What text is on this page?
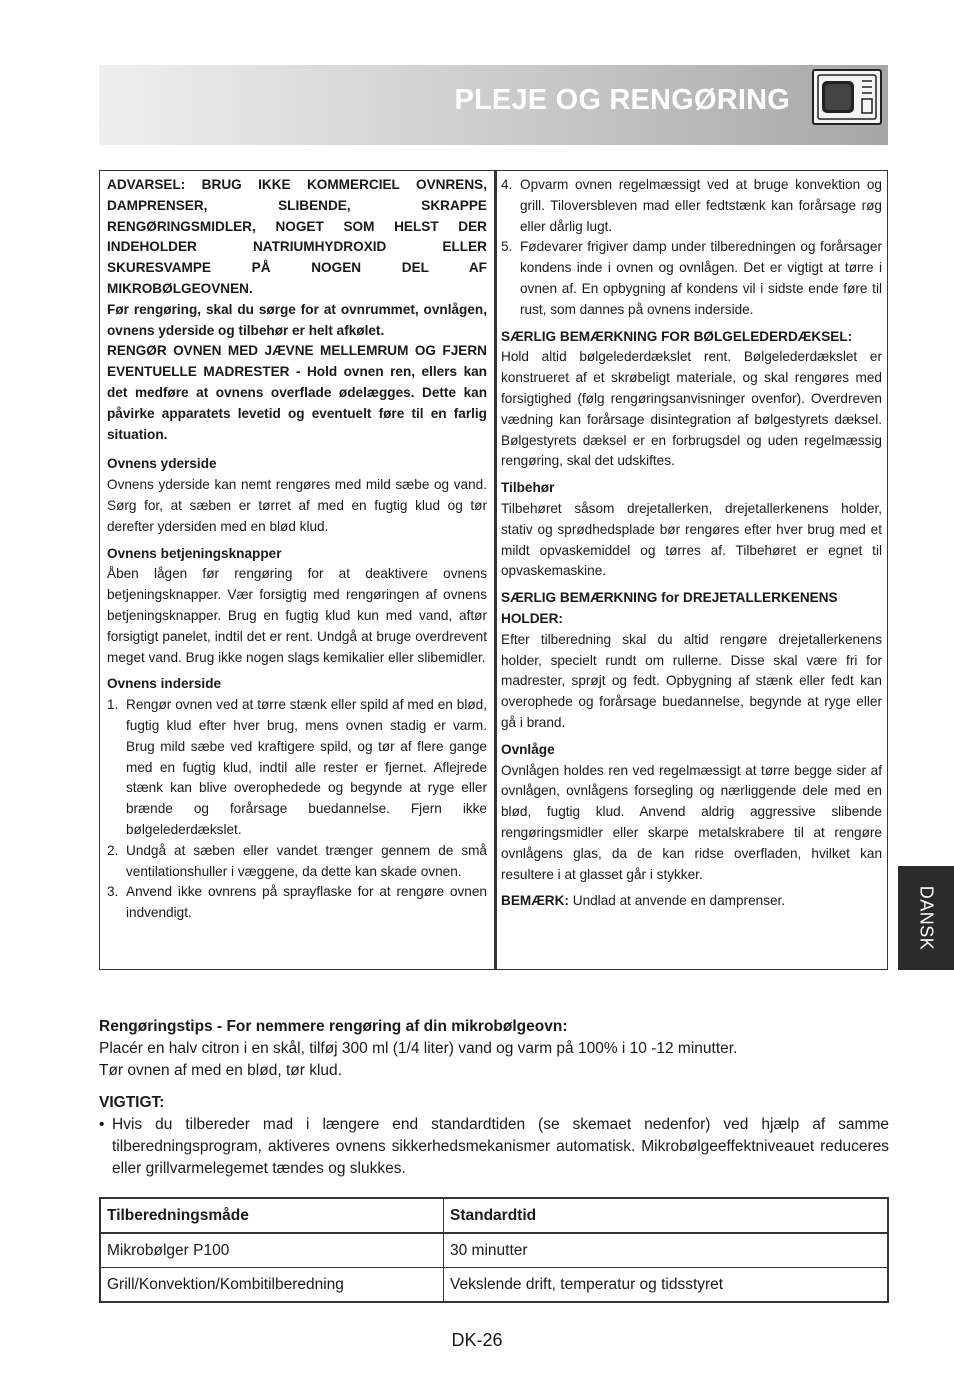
PLEJE OG RENGØRING

ADVARSEL: BRUG IKKE KOMMERCIEL OVNRENS, DAMPRENSER, SLIBENDE, SKRAPPE RENGØRINGSMIDLER, NOGET SOM HELST DER INDEHOLDER NATRIUMHYDROXID ELLER SKURESVAMPE PÅ NOGEN DEL AF MIKROBØLGEOVNEN.

Før rengøring, skal du sørge for at ovnrummet, ovnlågen, ovnens yderside og tilbehør er helt afkølet.

RENGØR OVNEN MED JÆVNE MELLEMRUM OG FJERN EVENTUELLE MADRESTER - Hold ovnen ren, ellers kan det medføre at ovnens overflade ødelægges. Dette kan påvirke apparatets levetid og eventuelt føre til en farlig situation.

Ovnens yderside

Ovnens yderside kan nemt rengøres med mild sæbe og vand. Sørg for, at sæben er tørret af med en fugtig klud og tør derefter ydersiden med en blød klud.

Ovnens betjeningsknapper

Åben lågen før rengøring for at deaktivere ovnens betjeningsknapper. Vær forsigtig med rengøringen af ovnens betjeningsknapper. Brug en fugtig klud kun med vand, aftør forsigtigt panelet, indtil det er rent. Undgå at bruge overdrevent meget vand. Brug ikke nogen slags kemikalier eller slibemidler.

Ovnens inderside

1. Rengør ovnen ved at tørre stænk eller spild af med en blød, fugtig klud efter hver brug, mens ovnen stadig er varm. Brug mild sæbe ved kraftigere spild, og tør af flere gange med en fugtig klud, indtil alle rester er fjernet. Aflejrede stænk kan blive overophedede og begynde at ryge eller brænde og forårsage buedannelse. Fjern ikke bølgelederdækslet.
2. Undgå at sæben eller vandet trænger gennem de små ventilationshuller i væggene, da dette kan skade ovnen.
3. Anvend ikke ovnrens på sprayflaske for at rengøre ovnen indvendigt.
4. Opvarm ovnen regelmæssigt ved at bruge konvektion og grill. Tiloversbleven mad eller fedtstænk kan forårsage røg eller dårlig lugt.
5. Fødevarer frigiver damp under tilberedningen og forårsager kondens inde i ovnen og ovnlågen. Det er vigtigt at tørre i ovnen af. En opbygning af kondens vil i sidste ende føre til rust, som dannes på ovnens inderside.

SÆRLIG BEMÆRKNING FOR BØLGELEDERDÆKSEL:

Hold altid bølgelederdækslet rent. Bølgelederdækslet er konstrueret af et skrøbeligt materiale, og skal rengøres med forsigtighed (følg rengøringsanvisninger ovenfor). Overdreven vædning kan forårsage disintegration af bølgestyrets dæksel. Bølgestyrets dæksel er en forbrugsdel og uden regelmæssig rengøring, skal det udskiftes.

Tilbehør

Tilbehøret såsom drejetallerken, drejetallerkenens holder, stativ og sprødhedsplade bør rengøres efter hver brug med et mildt opvaskemiddel og tørres af. Tilbehøret er egnet til opvaskemaskine.

SÆRLIG BEMÆRKNING for DREJETALLERKENENS HOLDER:

Efter tilberedning skal du altid rengøre drejetallerkenens holder, specielt rundt om rullerne. Disse skal være fri for madrester, sprøjt og fedt. Opbygning af stænk eller fedt kan overophede og forårsage buedannelse, begynde at ryge eller gå i brand.

Ovnlåge

Ovnlågen holdes ren ved regelmæssigt at tørre begge sider af ovnlågen, ovnlågens forsegling og nærliggende dele med en blød, fugtig klud. Anvend aldrig aggressive slibende rengøringsmidler eller skarpe metalskrabere til at rengøre ovnlågens glas, da de kan ridse overfladen, hvilket kan resultere i at glasset går i stykker.

BEMÆRK: Undlad at anvende en damprenser.

Rengøringstips - For nemmere rengøring af din mikrobølgeovn:

Placér en halv citron i en skål, tilføj 300 ml (1/4 liter) vand og varm på 100% i 10 -12 minutter.

Tør ovnen af med en blød, tør klud.

VIGTIGT:

• Hvis du tilbereder mad i længere end standardtiden (se skemaet nedenfor) ved hjælp af samme tilberedningsprogram, aktiveres ovnens sikkerhedsmekanismer automatisk. Mikrobølgeeffektniveauet reduceres eller grillvarmelegemet tændes og slukkes.
Tilberedningsmåde	Standardtid
Mikrobølger P100	30 minutter
Grill/Konvektion/Kombitilberedning	Vekslende drift, temperatur og tidsstyret
DANSK
DK-26
